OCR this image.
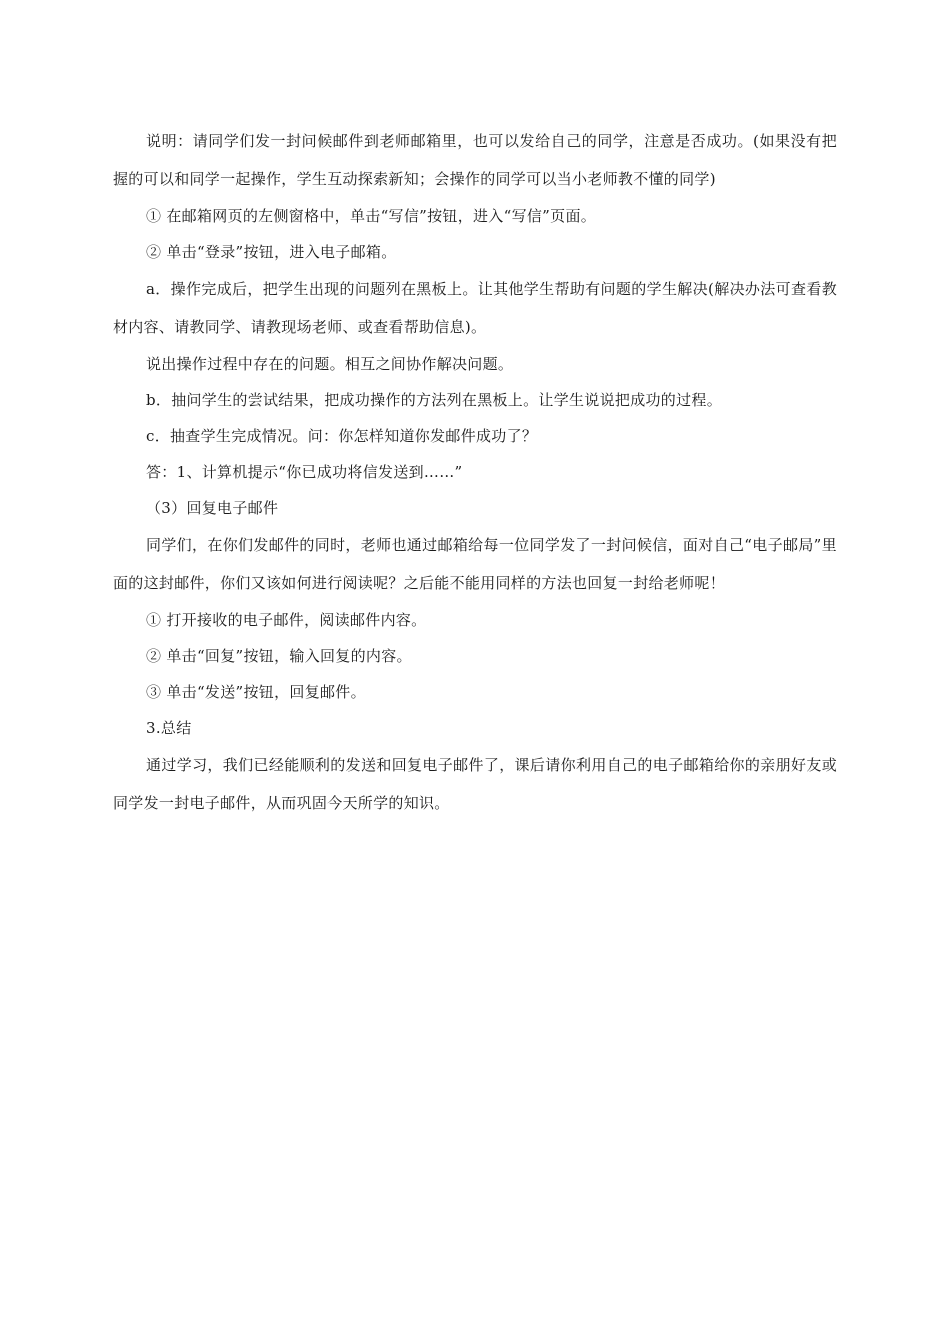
说明：请同学们发一封问候邮件到老师邮箱里，也可以发给自己的同学，注意是否成功。(如果没有把握的可以和同学一起操作，学生互动探索新知；会操作的同学可以当小老师教不懂的同学)

① 在邮箱网页的左侧窗格中，单击“写信”按钮，进入“写信”页面。

② 单击“登录”按钮，进入电子邮箱。

a．操作完成后，把学生出现的问题列在黑板上。让其他学生帮助有问题的学生解决(解决办法可查看教材内容、请教同学、请教现场老师、或查看帮助信息)。

说出操作过程中存在的问题。相互之间协作解决问题。

b．抽问学生的尝试结果，把成功操作的方法列在黑板上。让学生说说把成功的过程。

c．抽查学生完成情况。问：你怎样知道你发邮件成功了？

答：1、计算机提示“你已成功将信发送到……”

（3）回复电子邮件

同学们，在你们发邮件的同时，老师也通过邮箱给每一位同学发了一封问候信，面对自己“电子邮局”里面的这封邮件，你们又该如何进行阅读呢？之后能不能用同样的方法也回复一封给老师呢！

① 打开接收的电子邮件，阅读邮件内容。

② 单击“回复”按钮，输入回复的内容。

③ 单击“发送”按钮，回复邮件。

3.总结

通过学习，我们已经能顺利的发送和回复电子邮件了，课后请你利用自己的电子邮箱给你的亲朋好友或同学发一封电子邮件，从而巩固今天所学的知识。
